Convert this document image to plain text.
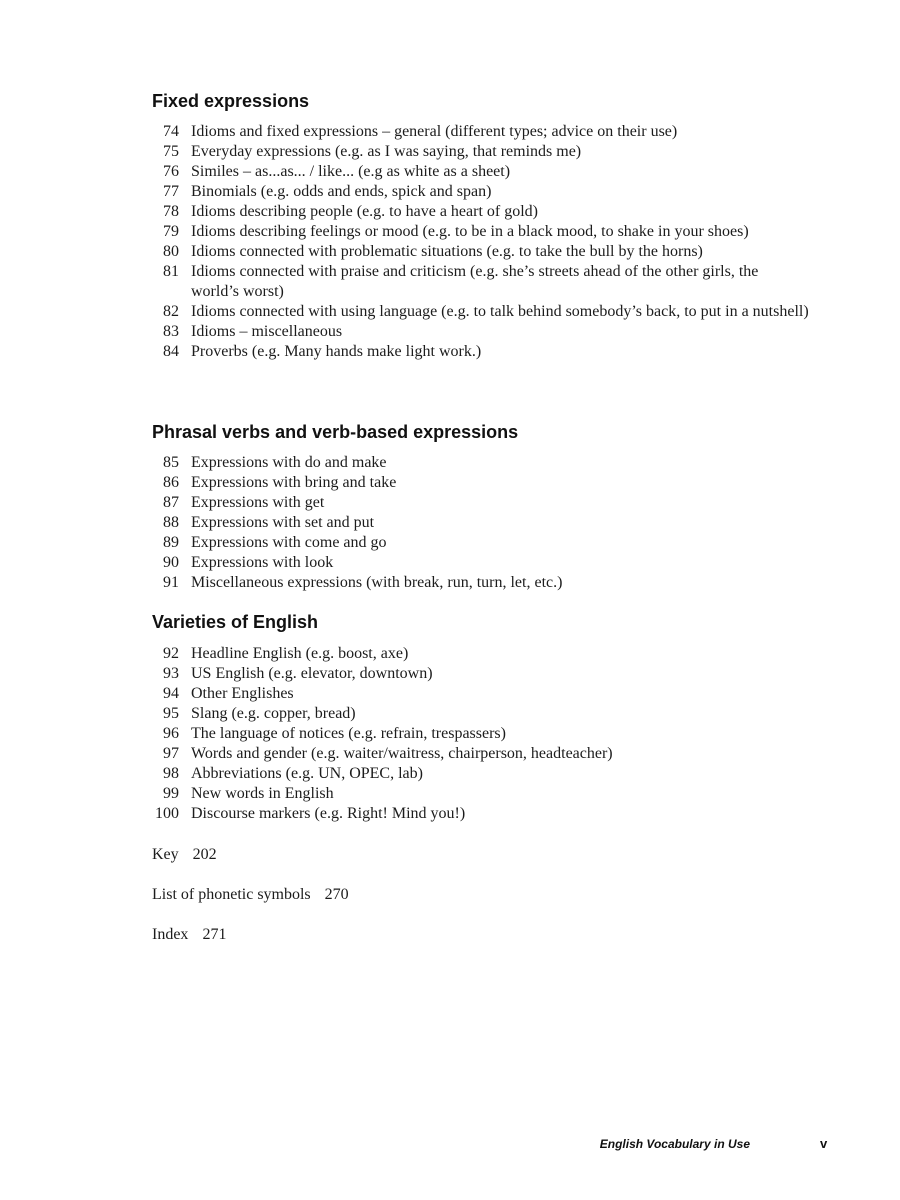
Fixed expressions
74 Idioms and fixed expressions – general (different types; advice on their use)
75 Everyday expressions (e.g. as I was saying, that reminds me)
76 Similes – as...as... / like... (e.g as white as a sheet)
77 Binomials (e.g. odds and ends, spick and span)
78 Idioms describing people (e.g. to have a heart of gold)
79 Idioms describing feelings or mood (e.g. to be in a black mood, to shake in your shoes)
80 Idioms connected with problematic situations (e.g. to take the bull by the horns)
81 Idioms connected with praise and criticism (e.g. she’s streets ahead of the other girls, the world’s worst)
82 Idioms connected with using language (e.g. to talk behind somebody’s back, to put in a nutshell)
83 Idioms – miscellaneous
84 Proverbs (e.g. Many hands make light work.)
Phrasal verbs and verb-based expressions
85 Expressions with do and make
86 Expressions with bring and take
87 Expressions with get
88 Expressions with set and put
89 Expressions with come and go
90 Expressions with look
91 Miscellaneous expressions (with break, run, turn, let, etc.)
Varieties of English
92 Headline English (e.g. boost, axe)
93 US English (e.g. elevator, downtown)
94 Other Englishes
95 Slang (e.g. copper, bread)
96 The language of notices (e.g. refrain, trespassers)
97 Words and gender (e.g. waiter/waitress, chairperson, headteacher)
98 Abbreviations (e.g. UN, OPEC, lab)
99 New words in English
100 Discourse markers (e.g. Right! Mind you!)

Key 202

List of phonetic symbols 270

Index 271

English Vocabulary in Use	v
